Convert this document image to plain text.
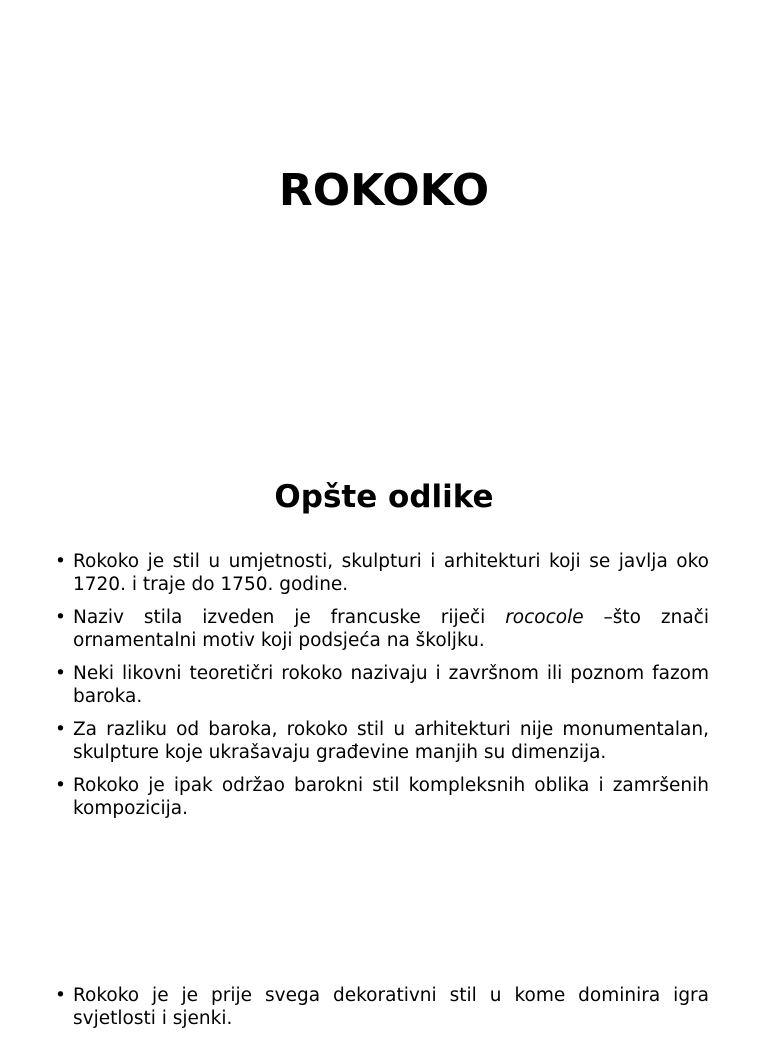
ROKOKO
Opšte odlike
• Rokoko je stil u umjetnosti, skulpturi i arhitekturi koji se javlja oko 1720. i traje do 1750. godine.
• Naziv stila izveden je francuske riječi rococole –što znači ornamentalni motiv koji podsjeća na školjku.
• Neki likovni teoretičri rokoko nazivaju i završnom ili poznom fazom baroka.
• Za razliku od baroka, rokoko stil u arhitekturi nije monumentalan, skulpture koje ukrašavaju građevine manjih su dimenzija.
• Rokoko je ipak održao barokni stil kompleksnih oblika i zamršenih kompozicija.
• Rokoko je je prije svega dekorativni stil u kome dominira igra svjetlosti i sjenki.
